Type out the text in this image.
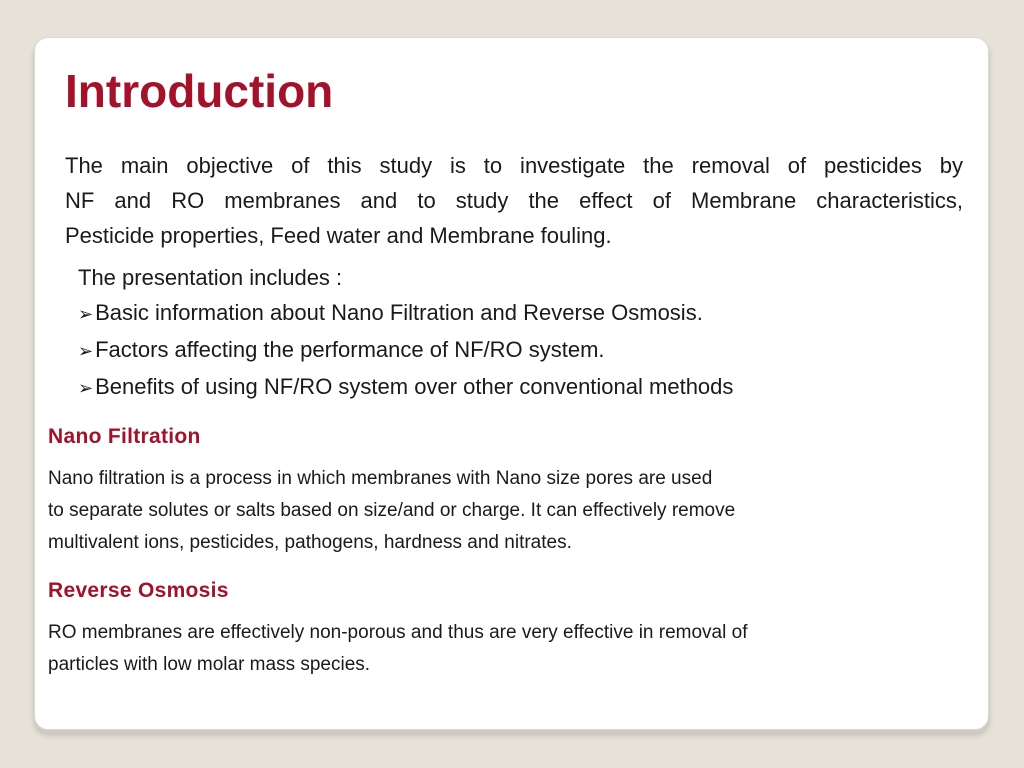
Introduction

The main objective of this study is to investigate the removal of pesticides by
NF and RO membranes and to study the effect of Membrane characteristics,
Pesticide properties, Feed water and Membrane fouling.

The presentation includes :
➢ Basic information about Nano Filtration and Reverse Osmosis.
➢ Factors affecting the performance of NF/RO system.
➢ Benefits of using NF/RO system over other conventional methods
Nano Filtration

Nano filtration is a process in which membranes with Nano size pores are used
to separate solutes or salts based on size/and or charge. It can effectively remove
multivalent ions, pesticides, pathogens, hardness and nitrates.

Reverse Osmosis

RO membranes are effectively non-porous and thus are very effective in removal of
particles with low molar mass species.
